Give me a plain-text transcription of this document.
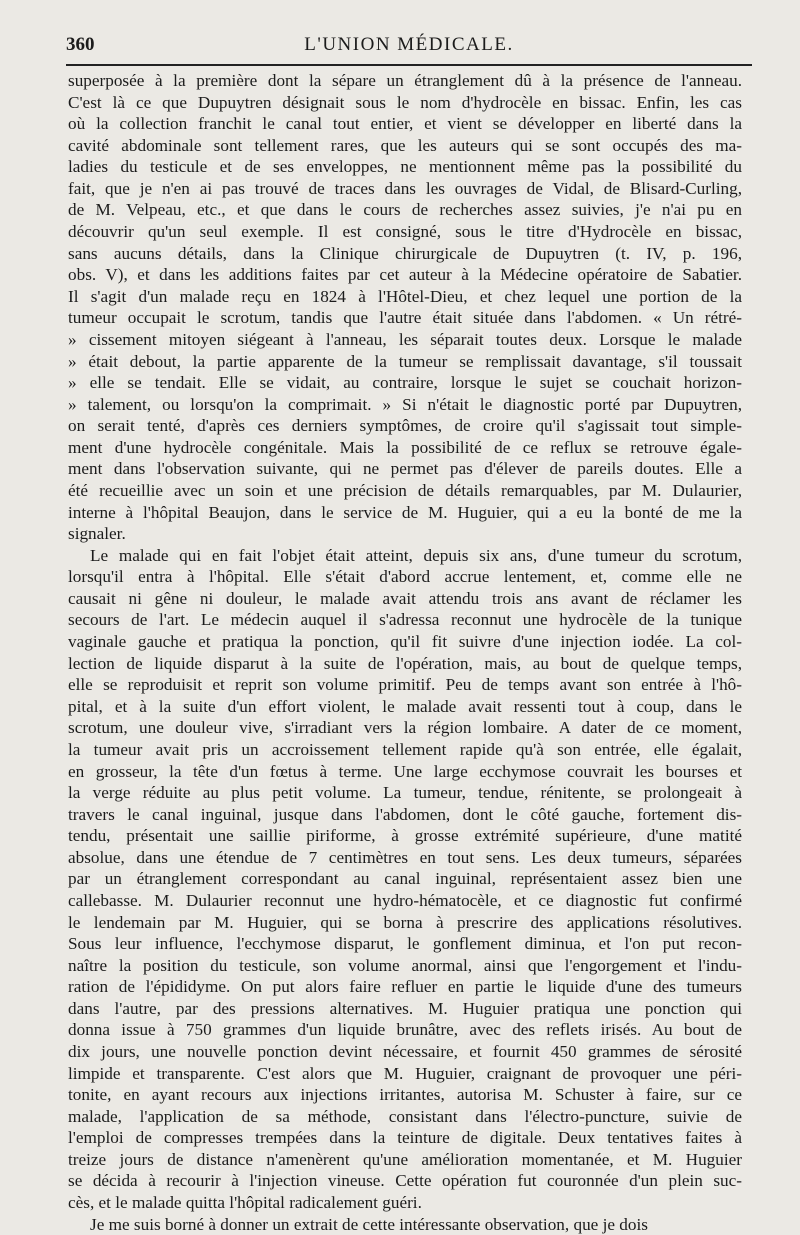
360	L'UNION MÉDICALE.
superposée à la première dont la sépare un étranglement dû à la présence de l'anneau.
C'est là ce que Dupuytren désignait sous le nom d'hydrocèle en bissac. Enfin, les cas
où la collection franchit le canal tout entier, et vient se développer en liberté dans la
cavité abdominale sont tellement rares, que les auteurs qui se sont occupés des ma-
ladies du testicule et de ses enveloppes, ne mentionnent même pas la possibilité du
fait, que je n'en ai pas trouvé de traces dans les ouvrages de Vidal, de Blisard-Curling,
de M. Velpeau, etc., et que dans le cours de recherches assez suivies, j'e n'ai pu en
découvrir qu'un seul exemple. Il est consigné, sous le titre d'Hydrocèle en bissac,
sans aucuns détails, dans la Clinique chirurgicale de Dupuytren (t. IV, p. 196,
obs. V), et dans les additions faites par cet auteur à la Médecine opératoire de Sabatier.
Il s'agit d'un malade reçu en 1824 à l'Hôtel-Dieu, et chez lequel une portion de la
tumeur occupait le scrotum, tandis que l'autre était située dans l'abdomen. « Un rétré-
» cissement mitoyen siégeant à l'anneau, les séparait toutes deux. Lorsque le malade
» était debout, la partie apparente de la tumeur se remplissait davantage, s'il toussait
» elle se tendait. Elle se vidait, au contraire, lorsque le sujet se couchait horizon-
» talement, ou lorsqu'on la comprimait. » Si n'était le diagnostic porté par Dupuytren,
on serait tenté, d'après ces derniers symptômes, de croire qu'il s'agissait tout simple-
ment d'une hydrocèle congénitale. Mais la possibilité de ce reflux se retrouve égale-
ment dans l'observation suivante, qui ne permet pas d'élever de pareils doutes. Elle a
été recueillie avec un soin et une précision de détails remarquables, par M. Dulaurier,
interne à l'hôpital Beaujon, dans le service de M. Huguier, qui a eu la bonté de me la
signaler.
Le malade qui en fait l'objet était atteint, depuis six ans, d'une tumeur du scrotum,
lorsqu'il entra à l'hôpital. Elle s'était d'abord accrue lentement, et, comme elle ne
causait ni gêne ni douleur, le malade avait attendu trois ans avant de réclamer les
secours de l'art. Le médecin auquel il s'adressa reconnut une hydrocèle de la tunique
vaginale gauche et pratiqua la ponction, qu'il fit suivre d'une injection iodée. La col-
lection de liquide disparut à la suite de l'opération, mais, au bout de quelque temps,
elle se reproduisit et reprit son volume primitif. Peu de temps avant son entrée à l'hô-
pital, et à la suite d'un effort violent, le malade avait ressenti tout à coup, dans le
scrotum, une douleur vive, s'irradiant vers la région lombaire. A dater de ce moment,
la tumeur avait pris un accroissement tellement rapide qu'à son entrée, elle égalait,
en grosseur, la tête d'un fœtus à terme. Une large ecchymose couvrait les bourses et
la verge réduite au plus petit volume. La tumeur, tendue, rénitente, se prolongeait à
travers le canal inguinal, jusque dans l'abdomen, dont le côté gauche, fortement dis-
tendu, présentait une saillie piriforme, à grosse extrémité supérieure, d'une matité
absolue, dans une étendue de 7 centimètres en tout sens. Les deux tumeurs, séparées
par un étranglement correspondant au canal inguinal, représentaient assez bien une
callebasse. M. Dulaurier reconnut une hydro-hématocèle, et ce diagnostic fut confirmé
le lendemain par M. Huguier, qui se borna à prescrire des applications résolutives.
Sous leur influence, l'ecchymose disparut, le gonflement diminua, et l'on put recon-
naître la position du testicule, son volume anormal, ainsi que l'engorgement et l'indu-
ration de l'épididyme. On put alors faire refluer en partie le liquide d'une des tumeurs
dans l'autre, par des pressions alternatives. M. Huguier pratiqua une ponction qui
donna issue à 750 grammes d'un liquide brunâtre, avec des reflets irisés. Au bout de
dix jours, une nouvelle ponction devint nécessaire, et fournit 450 grammes de sérosité
limpide et transparente. C'est alors que M. Huguier, craignant de provoquer une péri-
tonite, en ayant recours aux injections irritantes, autorisa M. Schuster à faire, sur ce
malade, l'application de sa méthode, consistant dans l'électro-puncture, suivie de
l'emploi de compresses trempées dans la teinture de digitale. Deux tentatives faites à
treize jours de distance n'amenèrent qu'une amélioration momentanée, et M. Huguier
se décida à recourir à l'injection vineuse. Cette opération fut couronnée d'un plein suc-
cès, et le malade quitta l'hôpital radicalement guéri.
Je me suis borné à donner un extrait de cette intéressante observation, que je dois
